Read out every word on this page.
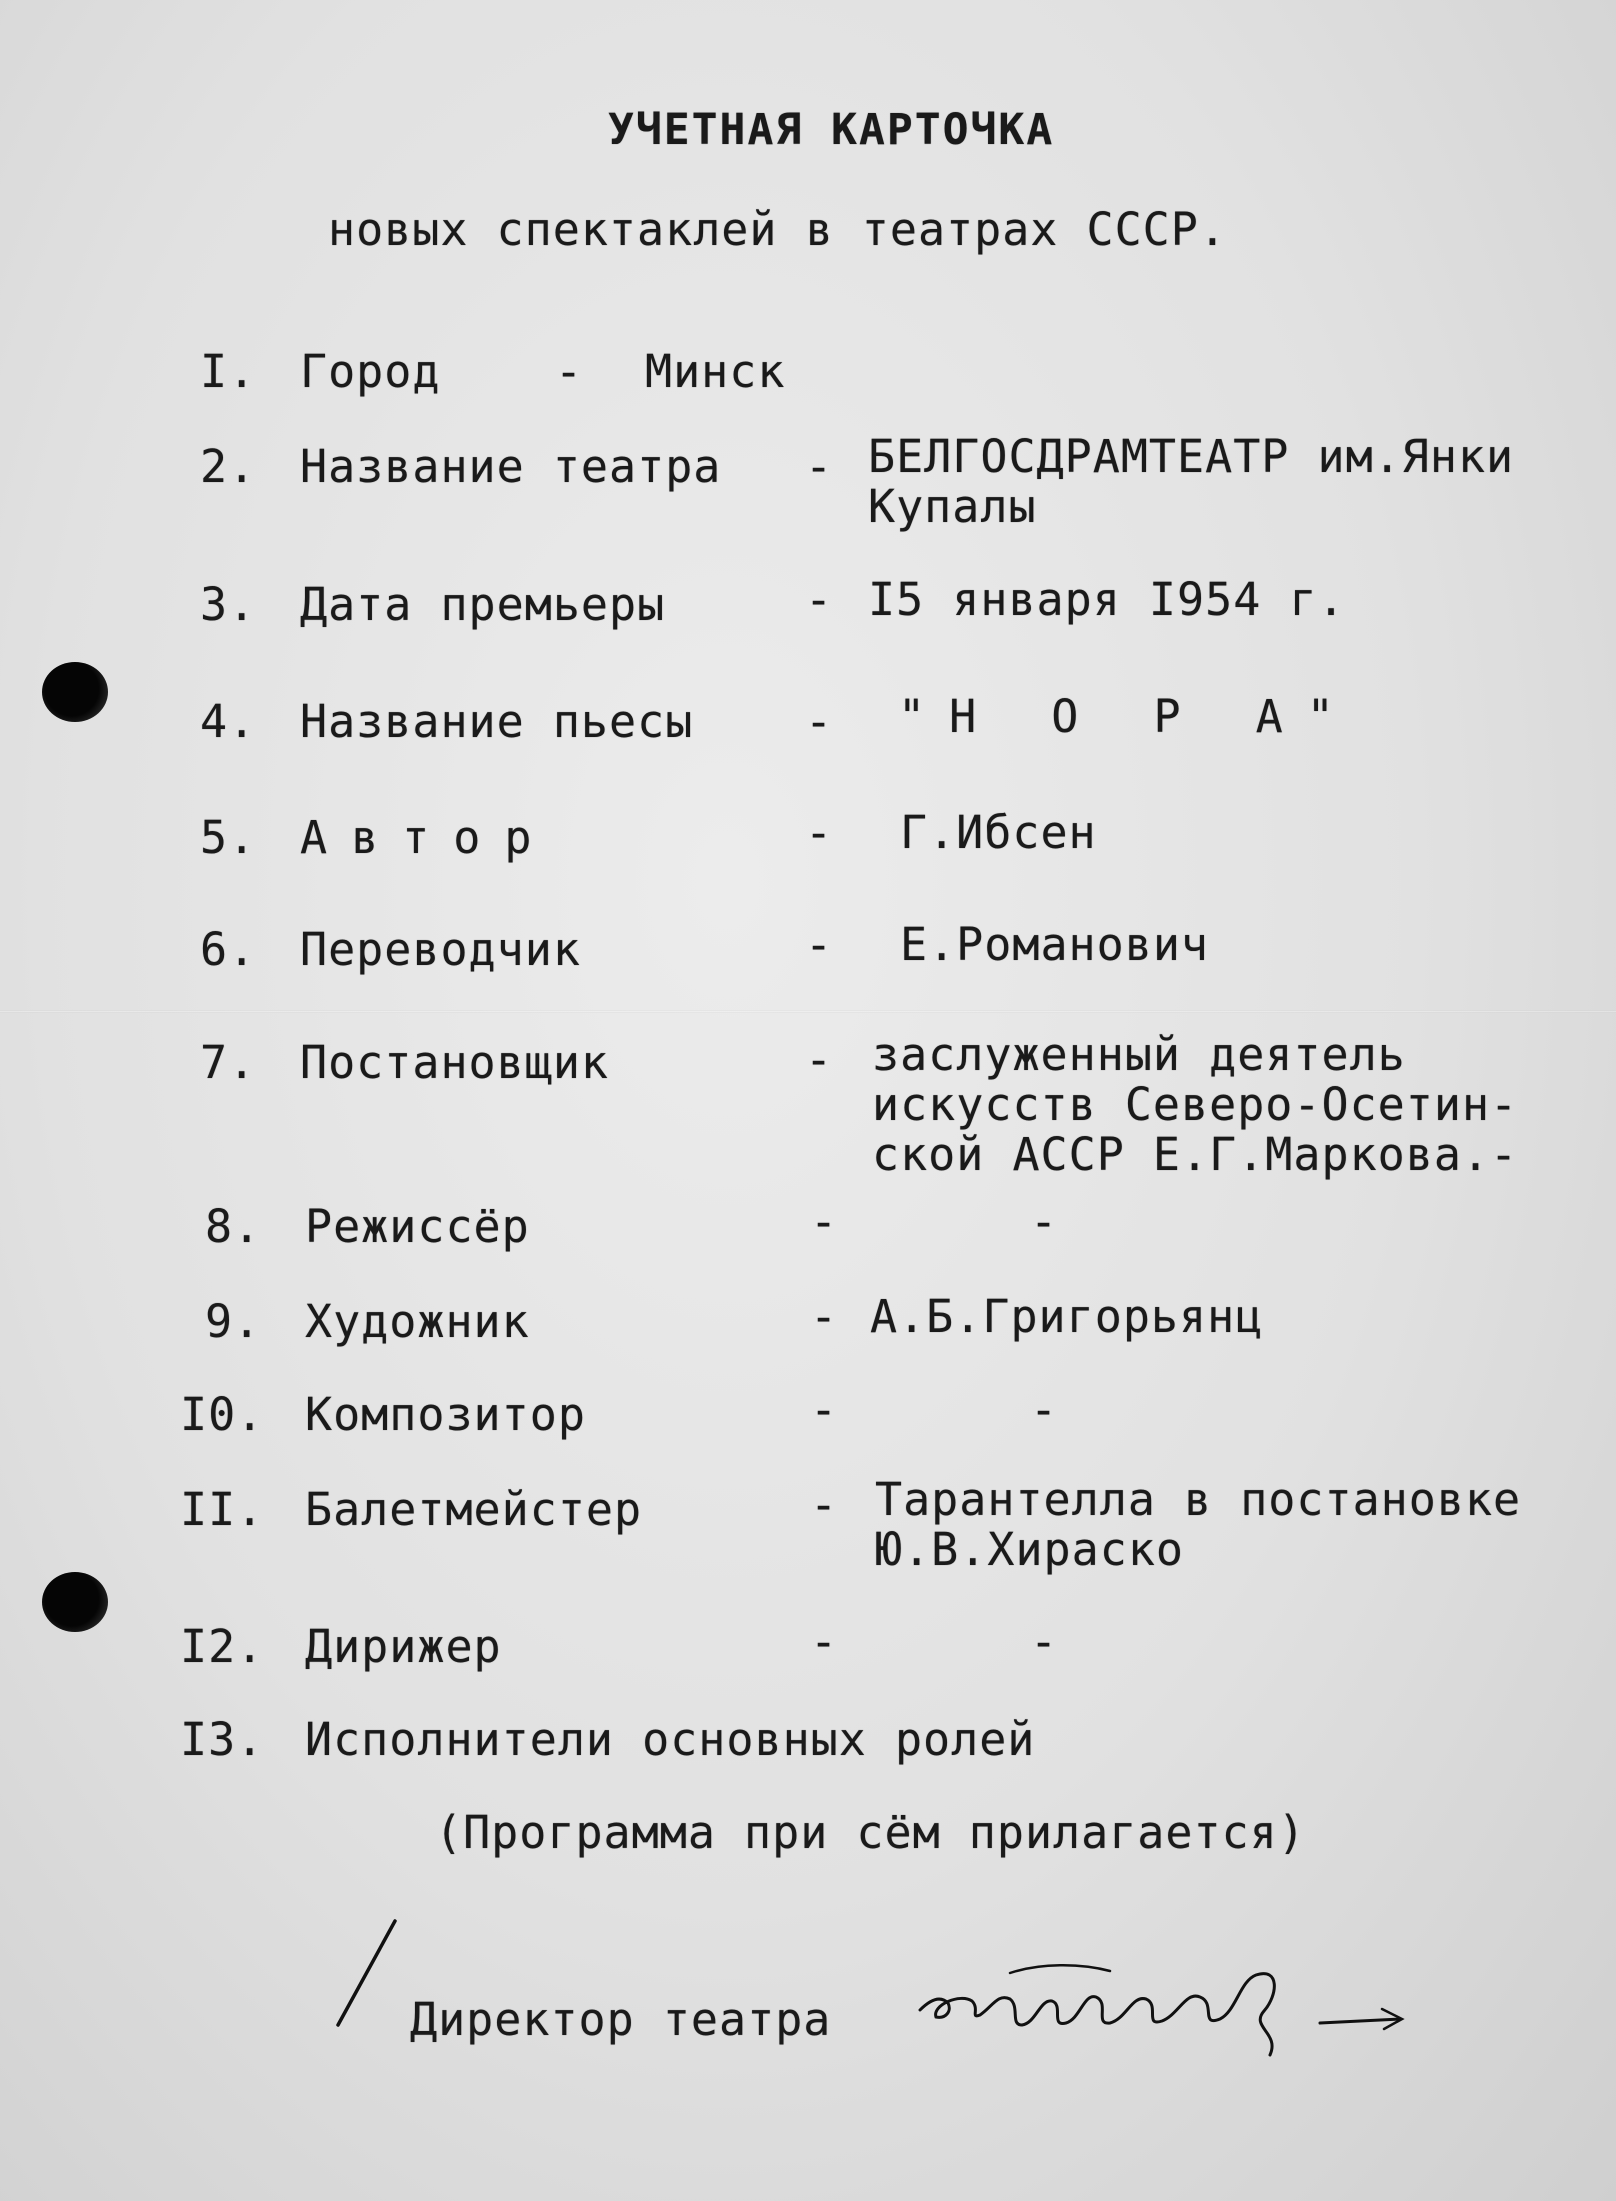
УЧЕТНАЯ КАРТОЧКА
новых спектаклей в театрах СССР.
I. Город	- Минск
2. Название театра - БЕЛГОСДРАМТЕАТР им.Янки
Купалы
3. Дата премьеры	- I5 января I954 г.
4. Название пьесы - "Н О Р А"
5. Автор	- Г.Ибсен
6. Переводчик	- Е.Романович
7. Постановщик	- заслуженный деятель
искусств Северо-Осетин-
ской АССР Е.Г.Маркова.-
8. Режиссёр	-	-
9. Художник	- А.Б.Григорьянц
I0. Композитор	-	-
II. Балетмейстер	- Тарантелла в постановке
Ю.В.Хираско
I2. Дирижер	-	-
I3. Исполнители основных ролей
(Программа при сём прилагается)
Директор театра
